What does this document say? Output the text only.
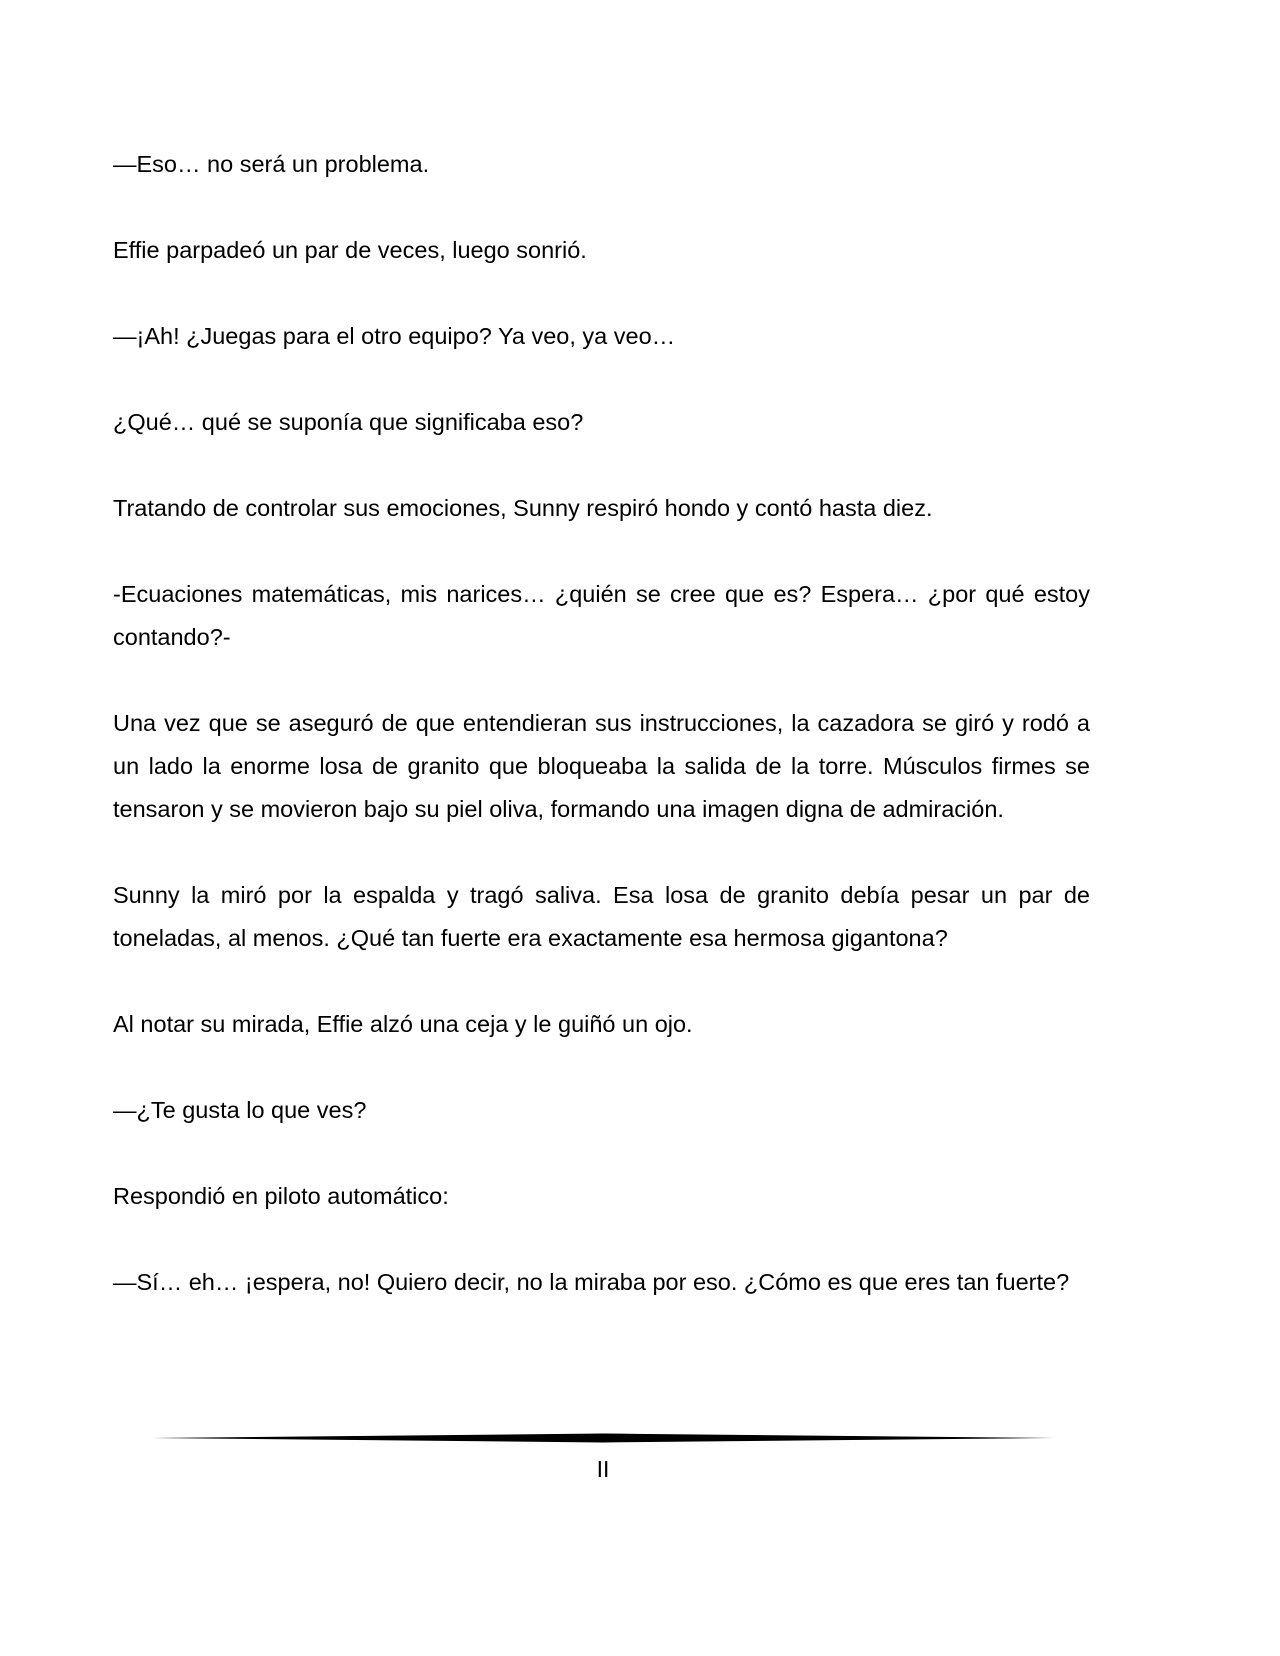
—Eso… no será un problema.

Effie parpadeó un par de veces, luego sonrió.

—¡Ah! ¿Juegas para el otro equipo? Ya veo, ya veo…

¿Qué… qué se suponía que significaba eso?

Tratando de controlar sus emociones, Sunny respiró hondo y contó hasta diez.

-Ecuaciones matemáticas, mis narices… ¿quién se cree que es? Espera… ¿por qué estoy contando?-

Una vez que se aseguró de que entendieran sus instrucciones, la cazadora se giró y rodó a un lado la enorme losa de granito que bloqueaba la salida de la torre. Músculos firmes se tensaron y se movieron bajo su piel oliva, formando una imagen digna de admiración.

Sunny la miró por la espalda y tragó saliva. Esa losa de granito debía pesar un par de toneladas, al menos. ¿Qué tan fuerte era exactamente esa hermosa gigantona?

Al notar su mirada, Effie alzó una ceja y le guiñó un ojo.

—¿Te gusta lo que ves?

Respondió en piloto automático:

—Sí… eh… ¡espera, no! Quiero decir, no la miraba por eso. ¿Cómo es que eres tan fuerte?

II
